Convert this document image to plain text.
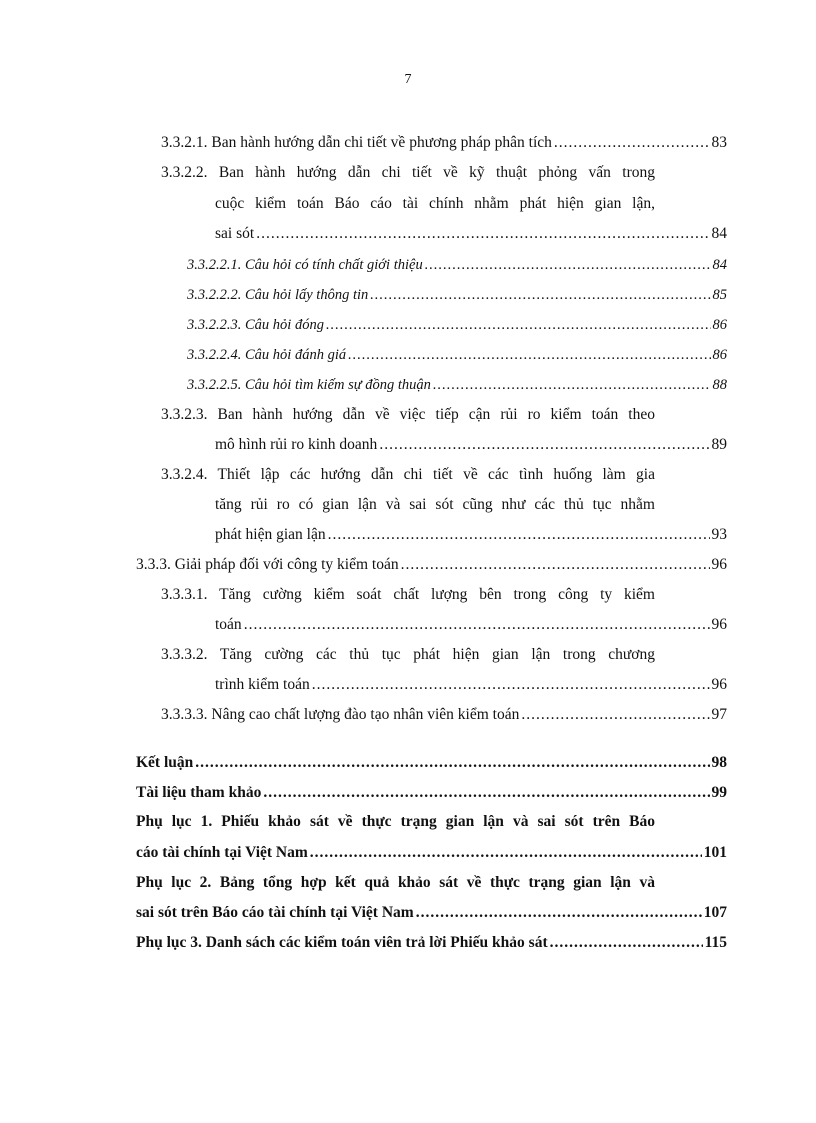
7
3.3.2.1. Ban hành hướng dẫn chi tiết về phương pháp phân tích .....	83
3.3.2.2. Ban hành hướng dẫn chi tiết về kỹ thuật phỏng vấn trong
cuộc kiểm toán Báo cáo tài chính nhằm phát hiện gian lận,
sai sót .....	84
3.3.2.2.1. Câu hỏi có tính chất giới thiệu .....	84
3.3.2.2.2. Câu hỏi lấy thông tin .....	85
3.3.2.2.3. Câu hỏi đóng .....	86
3.3.2.2.4. Câu hỏi đánh giá .....	86
3.3.2.2.5. Câu hỏi tìm kiếm sự đồng thuận .....	88
3.3.2.3. Ban hành hướng dẫn về việc tiếp cận rủi ro kiểm toán theo
mô hình rủi ro kinh doanh .....	89
3.3.2.4. Thiết lập các hướng dẫn chi tiết về các tình huống làm gia
tăng rủi ro có gian lận và sai sót cũng như các thủ tục nhằm
phát hiện gian lận .....	93
3.3.3. Giải pháp đối với công ty kiểm toán .....	96
3.3.3.1. Tăng cường kiểm soát chất lượng bên trong công ty kiểm
toán .....	96
3.3.3.2. Tăng cường các thủ tục phát hiện gian lận trong chương
trình kiểm toán .....	96
3.3.3.3. Nâng cao chất lượng đào tạo nhân viên kiểm toán .....	97
Kết luận .....	98
Tài liệu tham khảo .....	99
Phụ lục 1. Phiếu khảo sát về thực trạng gian lận và sai sót trên Báo
cáo tài chính tại Việt Nam .....	101
Phụ lục 2. Bảng tổng hợp kết quả khảo sát về thực trạng gian lận và
sai sót trên Báo cáo tài chính tại Việt Nam .....	107
Phụ lục 3. Danh sách các kiểm toán viên trả lời Phiếu khảo sát .....	115
